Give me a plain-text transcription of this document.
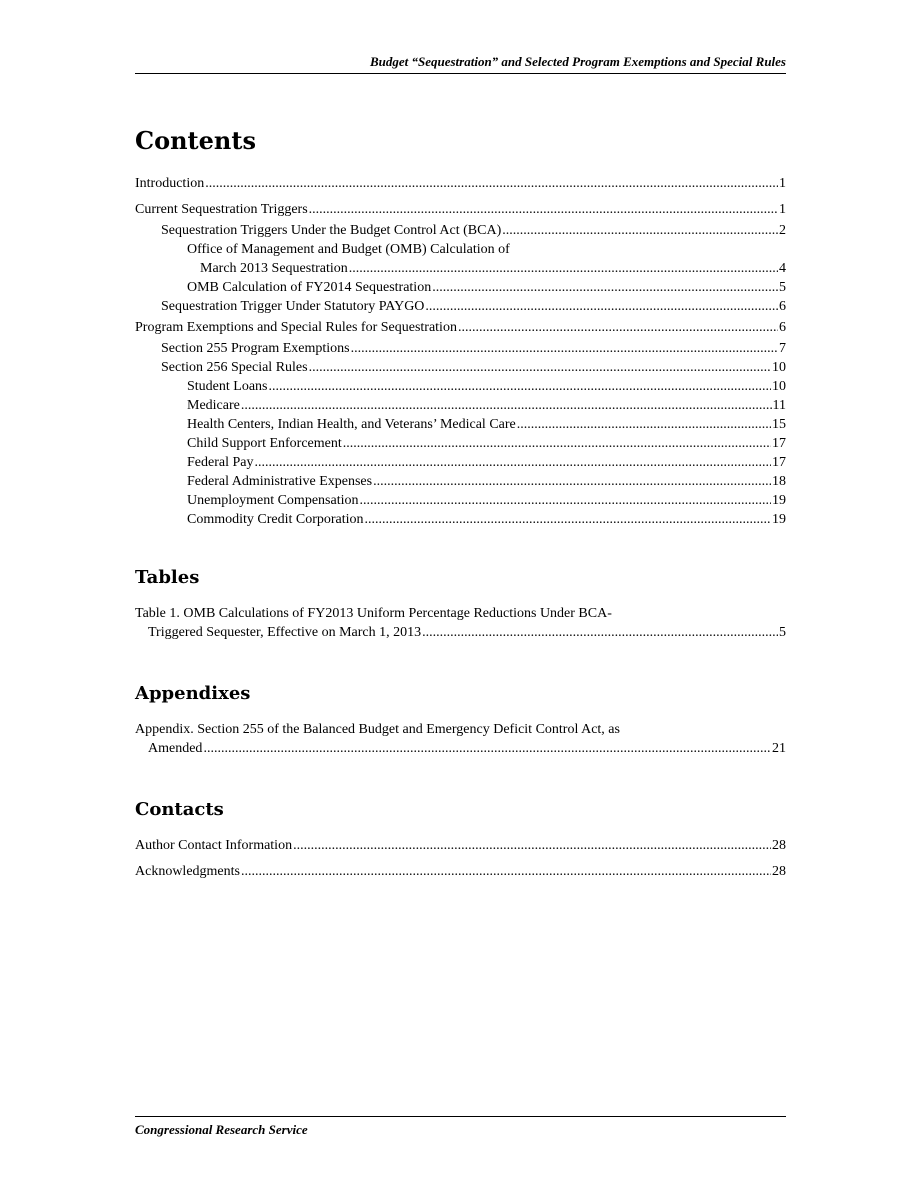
Budget “Sequestration” and Selected Program Exemptions and Special Rules
Contents
Introduction .....	1
Current Sequestration Triggers .....	1
Sequestration Triggers Under the Budget Control Act (BCA) .....	2
Office of Management and Budget (OMB) Calculation of
March 2013 Sequestration .....	4
OMB Calculation of FY2014 Sequestration .....	5
Sequestration Trigger Under Statutory PAYGO .....	6
Program Exemptions and Special Rules for Sequestration .....	6
Section 255 Program Exemptions .....	7
Section 256 Special Rules .....	10
Student Loans .....	10
Medicare .....	11
Health Centers, Indian Health, and Veterans’ Medical Care .....	15
Child Support Enforcement .....	17
Federal Pay .....	17
Federal Administrative Expenses .....	18
Unemployment Compensation .....	19
Commodity Credit Corporation .....	19
Tables
Table 1. OMB Calculations of FY2013 Uniform Percentage Reductions Under BCA-
Triggered Sequester, Effective on March 1, 2013 .....	5
Appendixes
Appendix. Section 255 of the Balanced Budget and Emergency Deficit Control Act, as
Amended .....	21
Contacts
Author Contact Information .....	28
Acknowledgments .....	28
Congressional Research Service
